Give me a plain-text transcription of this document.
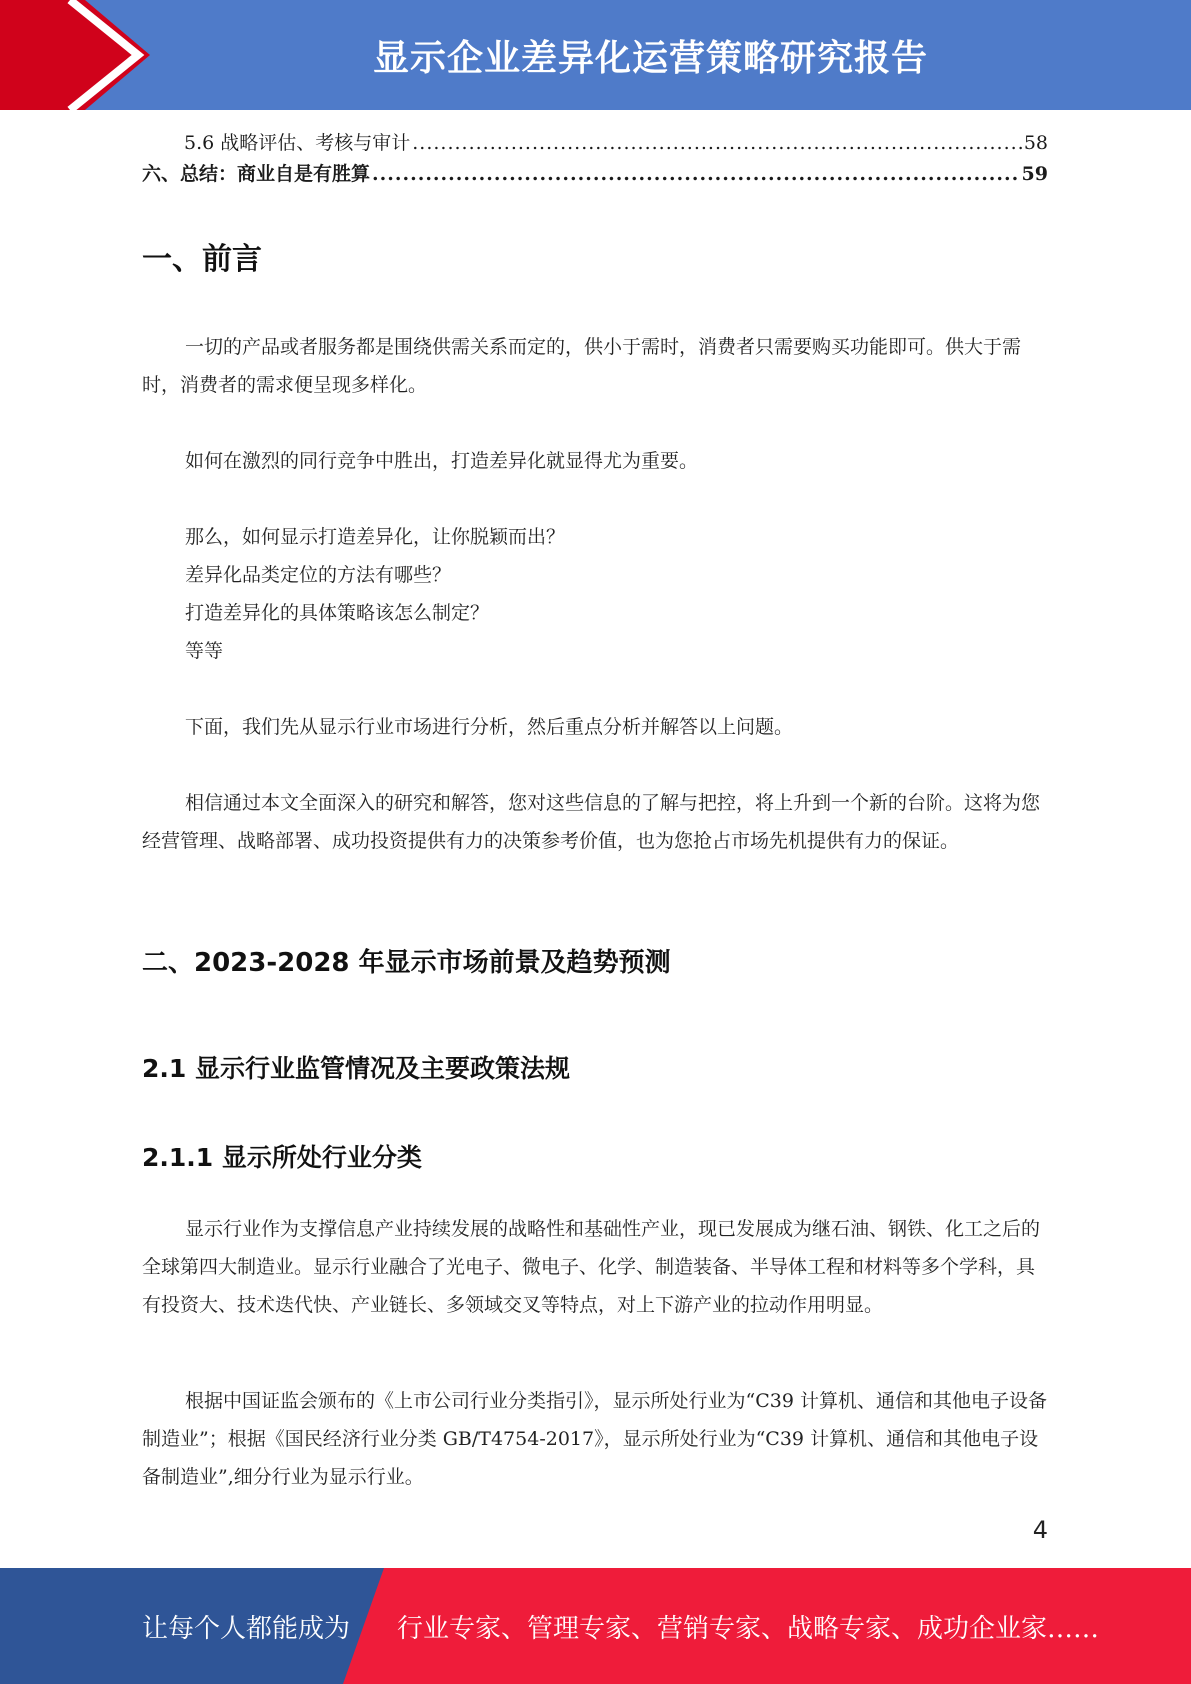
显示企业差异化运营策略研究报告
5.6 战略评估、考核与审计 .....	58
六、总结：商业自是有胜算 .....	59
一、前言

一切的产品或者服务都是围绕供需关系而定的，供小于需时，消费者只需要购买功能即可。供大于需时，消费者的需求便呈现多样化。

如何在激烈的同行竞争中胜出，打造差异化就显得尤为重要。

那么，如何显示打造差异化，让你脱颖而出？

差异化品类定位的方法有哪些？

打造差异化的具体策略该怎么制定？

等等

下面，我们先从显示行业市场进行分析，然后重点分析并解答以上问题。

相信通过本文全面深入的研究和解答，您对这些信息的了解与把控，将上升到一个新的台阶。这将为您经营管理、战略部署、成功投资提供有力的决策参考价值，也为您抢占市场先机提供有力的保证。

二、2023-2028 年显示市场前景及趋势预测
2.1 显示行业监管情况及主要政策法规
2.1.1 显示所处行业分类

显示行业作为支撑信息产业持续发展的战略性和基础性产业，现已发展成为继石油、钢铁、化工之后的全球第四大制造业。显示行业融合了光电子、微电子、化学、制造装备、半导体工程和材料等多个学科，具有投资大、技术迭代快、产业链长、多领域交叉等特点，对上下游产业的拉动作用明显。

根据中国证监会颁布的《上市公司行业分类指引》，显示所处行业为“C39 计算机、通信和其他电子设备制造业”；根据《国民经济行业分类 GB/T4754-2017》，显示所处行业为“C39 计算机、通信和其他电子设备制造业”,细分行业为显示行业。

4
让每个人都能成为 行业专家、管理专家、营销专家、战略专家、成功企业家……
